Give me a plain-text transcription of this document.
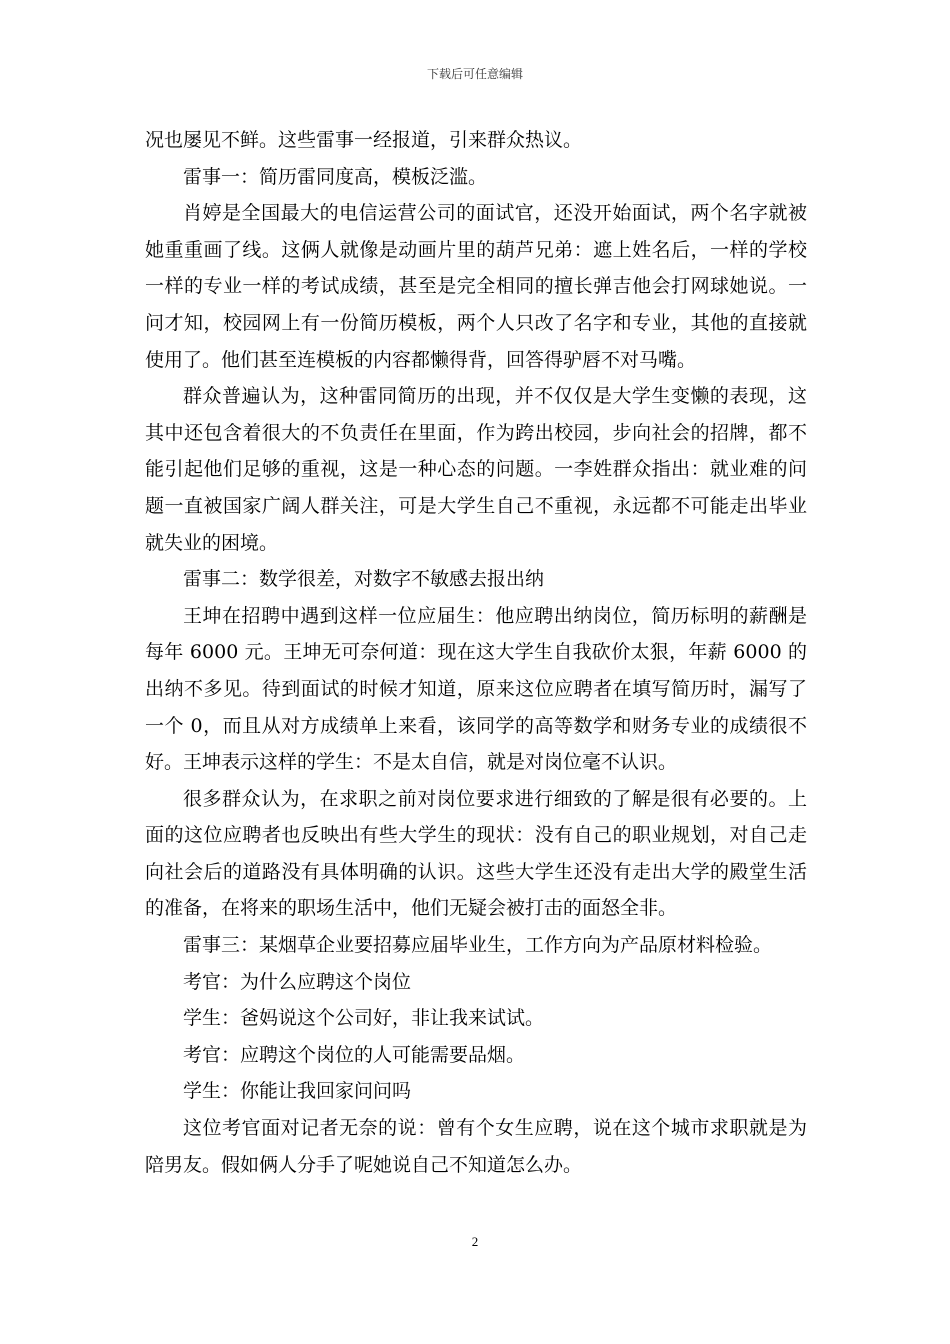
下载后可任意编辑

况也屡见不鲜。这些雷事一经报道，引来群众热议。

雷事一：简历雷同度高，模板泛滥。

肖婷是全国最大的电信运营公司的面试官，还没开始面试，两个名字就被她重重画了线。这俩人就像是动画片里的葫芦兄弟：遮上姓名后，一样的学校一样的专业一样的考试成绩，甚至是完全相同的擅长弹吉他会打网球她说。一问才知，校园网上有一份简历模板，两个人只改了名字和专业，其他的直接就使用了。他们甚至连模板的内容都懒得背，回答得驴唇不对马嘴。

群众普遍认为，这种雷同简历的出现，并不仅仅是大学生变懒的表现，这其中还包含着很大的不负责任在里面，作为跨出校园，步向社会的招牌，都不能引起他们足够的重视，这是一种心态的问题。一李姓群众指出：就业难的问题一直被国家广阔人群关注，可是大学生自己不重视，永远都不可能走出毕业就失业的困境。

雷事二：数学很差，对数字不敏感去报出纳

王坤在招聘中遇到这样一位应届生：他应聘出纳岗位，简历标明的薪酬是每年 6000 元。王坤无可奈何道：现在这大学生自我砍价太狠，年薪 6000 的出纳不多见。待到面试的时候才知道，原来这位应聘者在填写简历时，漏写了一个 0，而且从对方成绩单上来看，该同学的高等数学和财务专业的成绩很不好。王坤表示这样的学生：不是太自信，就是对岗位毫不认识。

很多群众认为，在求职之前对岗位要求进行细致的了解是很有必要的。上面的这位应聘者也反映出有些大学生的现状：没有自己的职业规划，对自己走向社会后的道路没有具体明确的认识。这些大学生还没有走出大学的殿堂生活的准备，在将来的职场生活中，他们无疑会被打击的面怒全非。

雷事三：某烟草企业要招募应届毕业生，工作方向为产品原材料检验。

考官：为什么应聘这个岗位

学生：爸妈说这个公司好，非让我来试试。

考官：应聘这个岗位的人可能需要品烟。

学生：你能让我回家问问吗

这位考官面对记者无奈的说：曾有个女生应聘，说在这个城市求职就是为陪男友。假如俩人分手了呢她说自己不知道怎么办。

2
